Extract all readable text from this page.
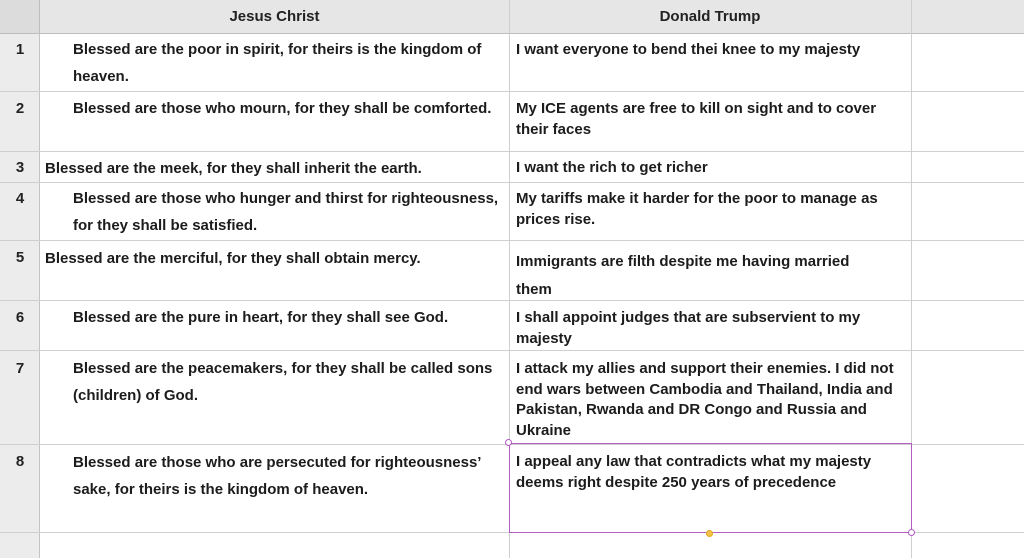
Jesus Christ	Donald Trump
1
2
3
4
5
6
7
8
Blessed are the poor in spirit, for theirs is the kingdom of heaven.
Blessed are those who mourn, for they shall be comforted.
Blessed are the meek, for they shall inherit the earth.
Blessed are those who hunger and thirst for righteousness, for they shall be satisfied.
Blessed are the merciful, for they shall obtain mercy.
Blessed are the pure in heart, for they shall see God.
Blessed are the peacemakers, for they shall be called sons (children) of God.
Blessed are those who are persecuted for righteousness’ sake, for theirs is the kingdom of heaven.
I want everyone to bend thei knee to my majesty
My ICE agents are free to kill on sight and to cover their faces
I want the rich to get richer
My tariffs make it harder for the poor to manage as prices rise.
Immigrants are filth despite me having married them
I shall appoint judges that are subservient to my majesty
I attack my allies and support their enemies. I did not end wars between Cambodia and Thailand, India and Pakistan, Rwanda and DR Congo and Russia and Ukraine
I appeal any law that contradicts what my majesty deems right despite 250 years of precedence
